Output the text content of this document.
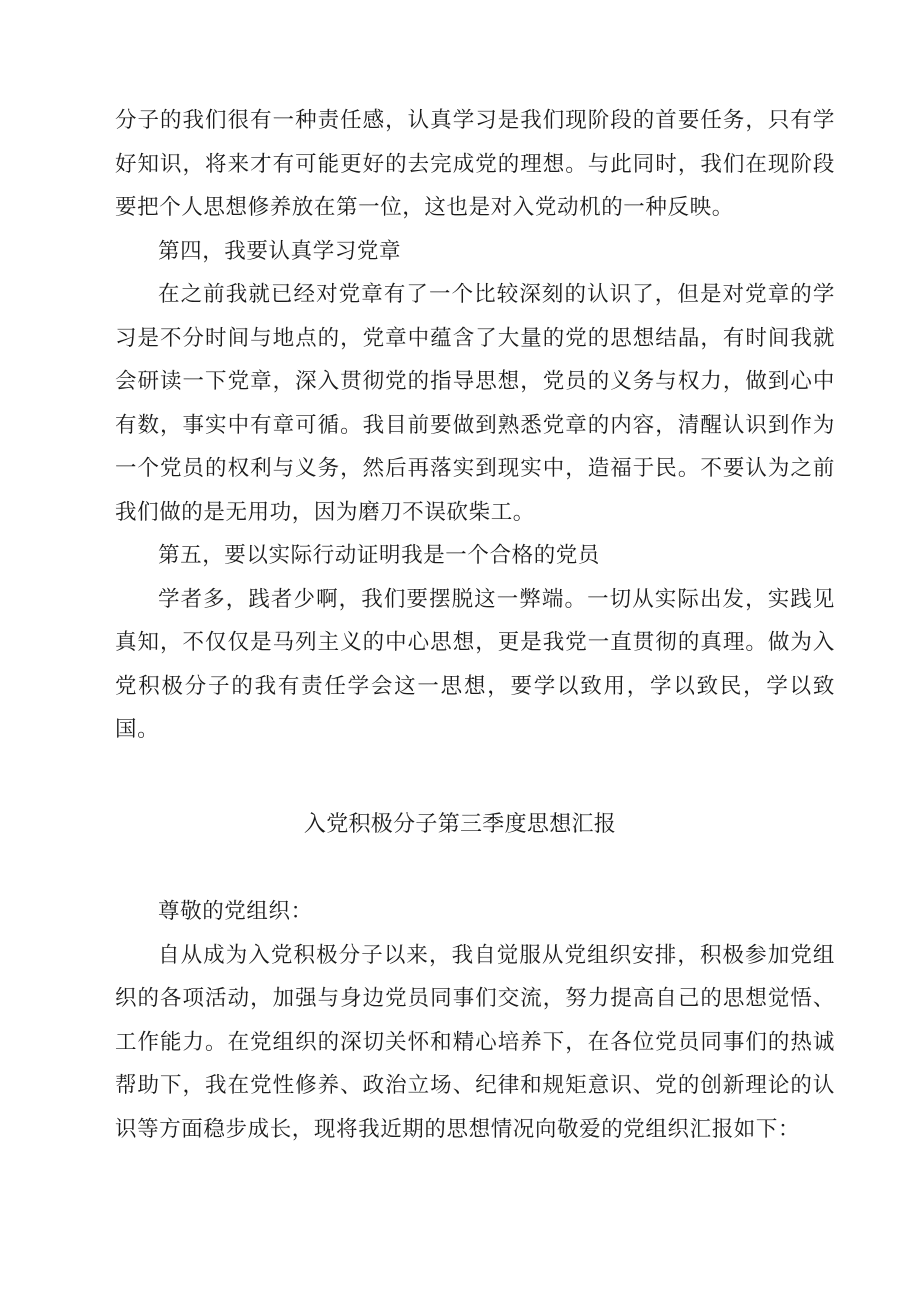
分子的我们很有一种责任感，认真学习是我们现阶段的首要任务，只有学好知识，将来才有可能更好的去完成党的理想。与此同时，我们在现阶段要把个人思想修养放在第一位，这也是对入党动机的一种反映。

第四，我要认真学习党章

在之前我就已经对党章有了一个比较深刻的认识了，但是对党章的学习是不分时间与地点的，党章中蕴含了大量的党的思想结晶，有时间我就会研读一下党章，深入贯彻党的指导思想，党员的义务与权力，做到心中有数，事实中有章可循。我目前要做到熟悉党章的内容，清醒认识到作为一个党员的权利与义务，然后再落实到现实中，造福于民。不要认为之前我们做的是无用功，因为磨刀不误砍柴工。

第五，要以实际行动证明我是一个合格的党员

学者多，践者少啊，我们要摆脱这一弊端。一切从实际出发，实践见真知，不仅仅是马列主义的中心思想，更是我党一直贯彻的真理。做为入党积极分子的我有责任学会这一思想，要学以致用，学以致民，学以致国。

入党积极分子第三季度思想汇报

尊敬的党组织：

自从成为入党积极分子以来，我自觉服从党组织安排，积极参加党组织的各项活动，加强与身边党员同事们交流，努力提高自己的思想觉悟、工作能力。在党组织的深切关怀和精心培养下，在各位党员同事们的热诚帮助下，我在党性修养、政治立场、纪律和规矩意识、党的创新理论的认识等方面稳步成长，现将我近期的思想情况向敬爱的党组织汇报如下：
